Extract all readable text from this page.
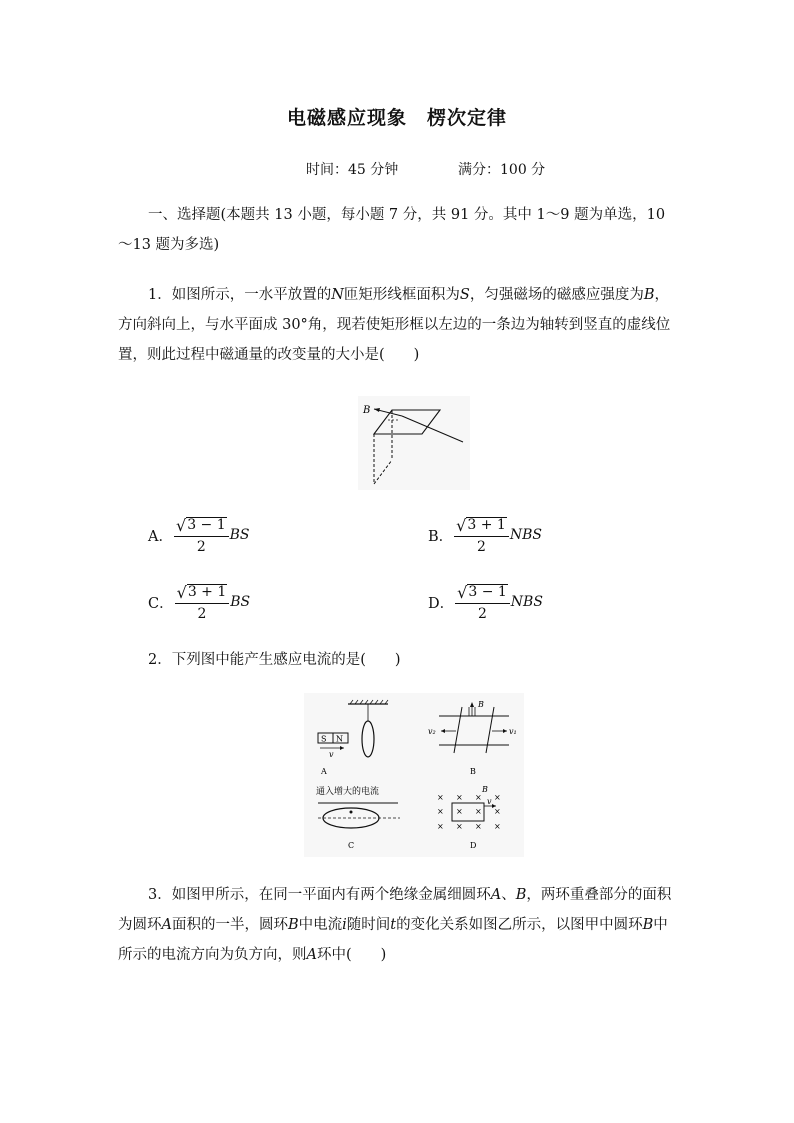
电磁感应现象　楞次定律
时间：45 分钟	满分：100 分
一、选择题(本题共 13 小题，每小题 7 分，共 91 分。其中 1～9 题为单选，10～13 题为多选)
1．如图所示，一水平放置的N匝矩形线框面积为S，匀强磁场的磁感应强度为B，方向斜向上，与水平面成 30°角，现若使矩形框以左边的一条边为轴转到竖直的虚线位置，则此过程中磁通量的改变量的大小是(　　)
B
A． $\frac{√ 3 - 1}{2}$ BS	B． $\frac{√ 3 + 1}{2}$ NBS
C． $\frac{√ 3 + 1}{2}$ BS	D． $\frac{√ 3 - 1}{2}$ NBS
2．下列图中能产生感应电流的是(　　)
S N
v
A
B
v₂	v₁
B
通入增大的电流
C
× × × ×
× × × ×
× × × ×
B
v
D
3．如图甲所示，在同一平面内有两个绝缘金属细圆环A、B，两环重叠部分的面积为圆环A面积的一半，圆环B中电流i随时间t的变化关系如图乙所示，以图甲中圆环B中所示的电流方向为负方向，则A环中(　　)
